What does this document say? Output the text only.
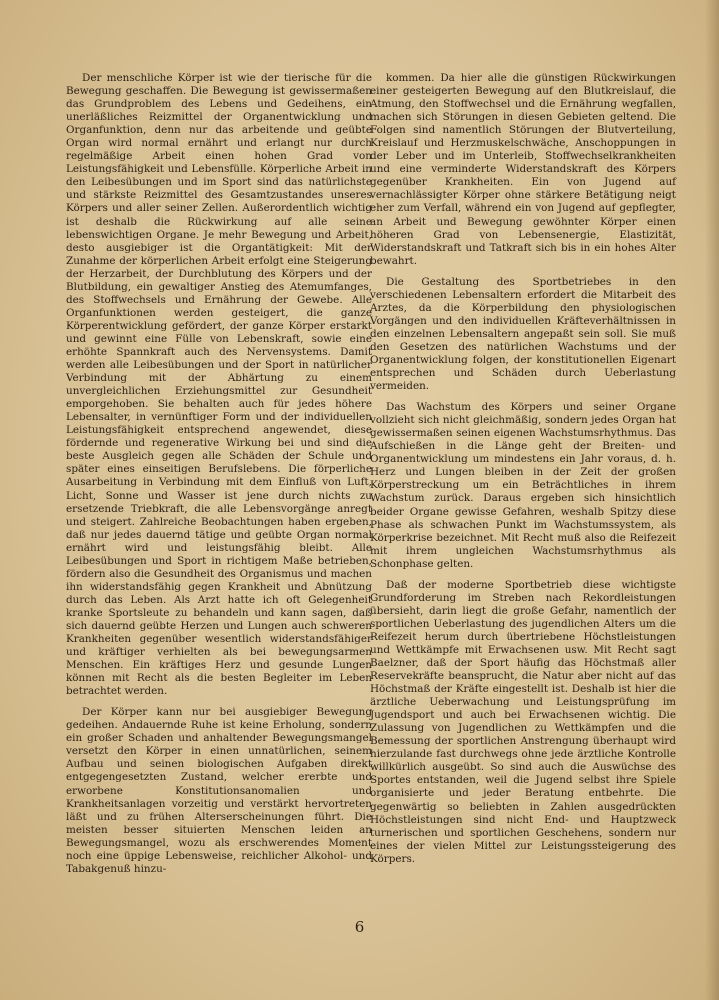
Der menschliche Körper ist wie der tierische für die Bewegung geschaffen. Die Bewegung ist gewissermaßen das Grundproblem des Lebens und Gedeihens, ein unerläßliches Reizmittel der Organentwicklung und Organfunktion, denn nur das arbeitende und geübte Organ wird normal ernährt und erlangt nur durch regelmäßige Arbeit einen hohen Grad von Leistungsfähigkeit und Lebensfülle. Körperliche Arbeit in den Leibesübungen und im Sport sind das natürlichste und stärkste Reizmittel des Gesamtzustandes unseres Körpers und aller seiner Zellen. Außerordentlich wichtig ist deshalb die Rückwirkung auf alle seine lebenswichtigen Organe. Je mehr Bewegung und Arbeit, desto ausgiebiger ist die Organtätigkeit: Mit der Zunahme der körperlichen Arbeit erfolgt eine Steigerung der Herzarbeit, der Durchblutung des Körpers und der Blutbildung, ein gewaltiger Anstieg des Atemumfanges, des Stoffwechsels und Ernährung der Gewebe. Alle Organfunktionen werden gesteigert, die ganze Körperentwicklung gefördert, der ganze Körper erstarkt und gewinnt eine Fülle von Lebenskraft, sowie eine erhöhte Spannkraft auch des Nervensystems. Damit werden alle Leibesübungen und der Sport in natürlicher Verbindung mit der Abhärtung zu einem unvergleichlichen Erziehungsmittel zur Gesundheit emporgehoben. Sie behalten auch für jedes höhere Lebensalter, in vernünftiger Form und der individuellen Leistungsfähigkeit entsprechend angewendet, diese fördernde und regenerative Wirkung bei und sind die beste Ausgleich gegen alle Schäden der Schule und später eines einseitigen Berufslebens. Die förperliche Ausarbeitung in Verbindung mit dem Einfluß von Luft, Licht, Sonne und Wasser ist jene durch nichts zu ersetzende Triebkraft, die alle Lebensvorgänge anregt und steigert. Zahlreiche Beobachtungen haben ergeben, daß nur jedes dauernd tätige und geübte Organ normal ernährt wird und leistungsfähig bleibt. Alle Leibesübungen und Sport in richtigem Maße betrieben, fördern also die Gesundheit des Organismus und machen ihn widerstandsfähig gegen Krankheit und Abnützung durch das Leben. Als Arzt hatte ich oft Gelegenheit kranke Sportsleute zu behandeln und kann sagen, daß sich dauernd geübte Herzen und Lungen auch schweren Krankheiten gegenüber wesentlich widerstandsfähiger und kräftiger verhielten als bei bewegungsarmen Menschen. Ein kräftiges Herz und gesunde Lungen können mit Recht als die besten Begleiter im Leben betrachtet werden.

Der Körper kann nur bei ausgiebiger Bewegung gedeihen. Andauernde Ruhe ist keine Erholung, sondern ein großer Schaden und anhaltender Bewegungsmangel versetzt den Körper in einen unnatürlichen, seinem Aufbau und seinen biologischen Aufgaben direkt entgegengesetzten Zustand, welcher ererbte und erworbene Konstitutionsanomalien und Krankheitsanlagen vorzeitig und verstärkt hervortreten läßt und zu frühen Alterserscheinungen führt. Die meisten besser situierten Menschen leiden an Bewegungsmangel, wozu als erschwerendes Moment noch eine üppige Lebensweise, reichlicher Alkohol- und Tabakgenuß hinzu-

kommen. Da hier alle die günstigen Rückwirkungen einer gesteigerten Bewegung auf den Blutkreislauf, die Atmung, den Stoffwechsel und die Ernährung wegfallen, machen sich Störungen in diesen Gebieten geltend. Die Folgen sind namentlich Störungen der Blutverteilung, Kreislauf und Herzmuskelschwäche, Anschoppungen in der Leber und im Unterleib, Stoffwechselkrankheiten und eine verminderte Widerstandskraft des Körpers gegenüber Krankheiten. Ein von Jugend auf vernachlässigter Körper ohne stärkere Betätigung neigt eher zum Verfall, während ein von Jugend auf gepflegter, an Arbeit und Bewegung gewöhnter Körper einen höheren Grad von Lebensenergie, Elastizität, Widerstandskraft und Tatkraft sich bis in ein hohes Alter bewahrt.

Die Gestaltung des Sportbetriebes in den verschiedenen Lebensaltern erfordert die Mitarbeit des Arztes, da die Körperbildung den physiologischen Vorgängen und den individuellen Kräfteverhältnissen in den einzelnen Lebensaltern angepaßt sein soll. Sie muß den Gesetzen des natürlichen Wachstums und der Organentwicklung folgen, der konstitutionellen Eigenart entsprechen und Schäden durch Ueberlastung vermeiden.

Das Wachstum des Körpers und seiner Organe vollzieht sich nicht gleichmäßig, sondern jedes Organ hat gewissermaßen seinen eigenen Wachstumsrhythmus. Das Aufschießen in die Länge geht der Breiten- und Organentwicklung um mindestens ein Jahr voraus, d. h. Herz und Lungen bleiben in der Zeit der großen Körperstreckung um ein Beträchtliches in ihrem Wachstum zurück. Daraus ergeben sich hinsichtlich beider Organe gewisse Gefahren, weshalb Spitzy diese Phase als schwachen Punkt im Wachstumssystem, als Körperkrise bezeichnet. Mit Recht muß also die Reifezeit mit ihrem ungleichen Wachstumsrhythmus als Schonphase gelten.

Daß der moderne Sportbetrieb diese wichtigste Grundforderung im Streben nach Rekordleistungen übersieht, darin liegt die große Gefahr, namentlich der sportlichen Ueberlastung des jugendlichen Alters um die Reifezeit herum durch übertriebene Höchstleistungen und Wettkämpfe mit Erwachsenen usw. Mit Recht sagt Baelzner, daß der Sport häufig das Höchstmaß aller Reservekräfte beansprucht, die Natur aber nicht auf das Höchstmaß der Kräfte eingestellt ist. Deshalb ist hier die ärztliche Ueberwachung und Leistungsprüfung im Jugendsport und auch bei Erwachsenen wichtig. Die Zulassung von Jugendlichen zu Wettkämpfen und die Bemessung der sportlichen Anstrengung überhaupt wird hierzulande fast durchwegs ohne jede ärztliche Kontrolle willkürlich ausgeübt. So sind auch die Auswüchse des Sportes entstanden, weil die Jugend selbst ihre Spiele organisierte und jeder Beratung entbehrte. Die gegenwärtig so beliebten in Zahlen ausgedrückten Höchstleistungen sind nicht End- und Hauptzweck turnerischen und sportlichen Geschehens, sondern nur eines der vielen Mittel zur Leistungssteigerung des Körpers.

6
